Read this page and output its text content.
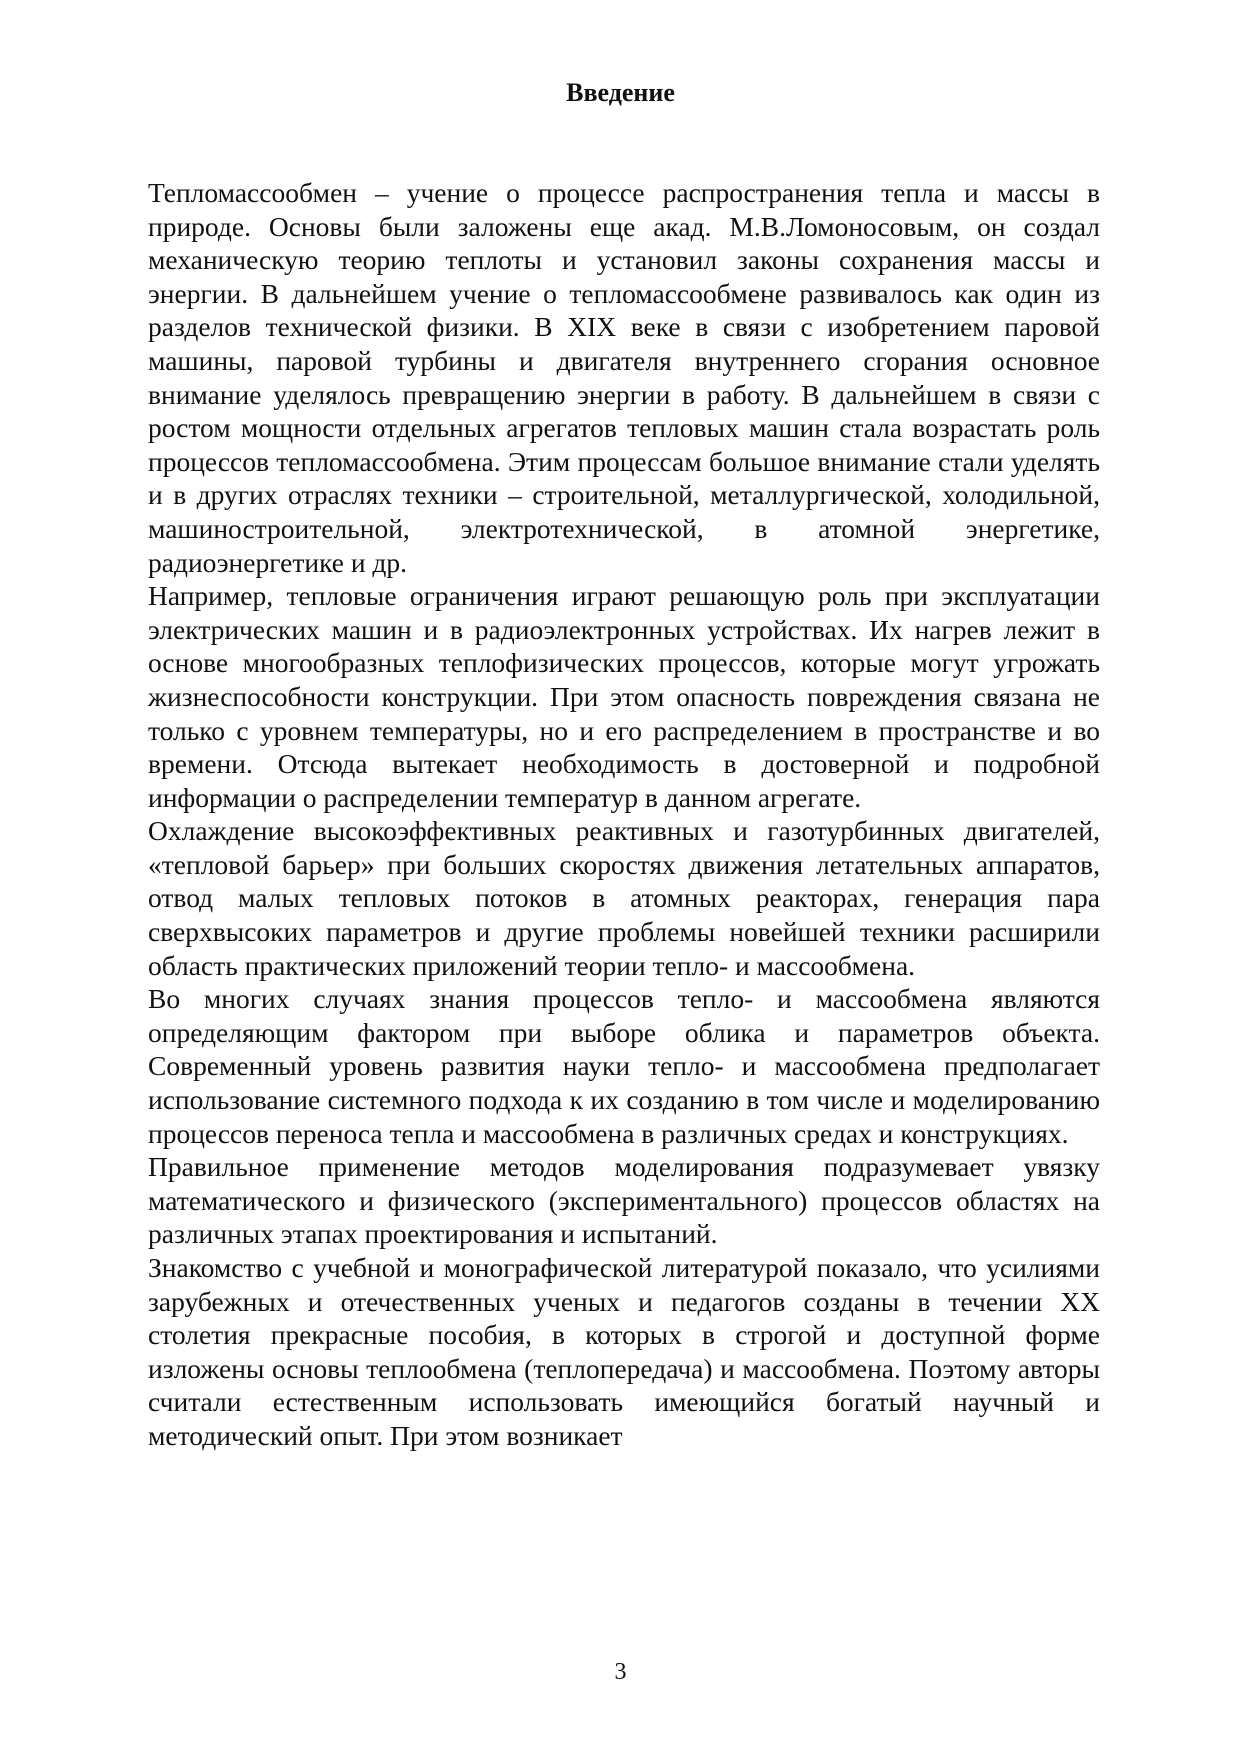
Введение

Тепломассообмен – учение о процессе распространения тепла и массы в природе. Основы были заложены еще акад. М.В.Ломоносовым, он создал механическую теорию теплоты и установил законы сохранения массы и энергии. В дальнейшем учение о тепломассообмене развивалось как один из разделов технической физики. В XIX веке в связи с изобретением паровой машины, паровой турбины и двигателя внутреннего сгорания основное внимание уделялось превращению энергии в работу. В дальнейшем в связи с ростом мощности отдельных агрегатов тепловых машин стала возрастать роль процессов тепломассообмена. Этим процессам большое внимание стали уделять и в других отраслях техники – строительной, металлургической, холодильной, машиностроительной, электротехнической, в атомной энергетике, радиоэнергетике и др.

Например, тепловые ограничения играют решающую роль при эксплуатации электрических машин и в радиоэлектронных устройствах. Их нагрев лежит в основе многообразных теплофизических процессов, которые могут угрожать жизнеспособности конструкции. При этом опасность повреждения связана не только с уровнем температуры, но и его распределением в пространстве и во времени. Отсюда вытекает необходимость в достоверной и подробной информации о распределении температур в данном агрегате.

Охлаждение высокоэффективных реактивных и газотурбинных двигателей, «тепловой барьер» при больших скоростях движения летательных аппаратов, отвод малых тепловых потоков в атомных реакторах, генерация пара сверхвысоких параметров и другие проблемы новейшей техники расширили область практических приложений теории тепло- и массообмена.

Во многих случаях знания процессов тепло- и массообмена являются определяющим фактором при выборе облика и параметров объекта. Современный уровень развития науки тепло- и массообмена предполагает использование системного подхода к их созданию в том числе и моделированию процессов переноса тепла и массообмена в различных средах и конструкциях.

Правильное применение методов моделирования подразумевает увязку математического и физического (экспериментального) процессов областях на различных этапах проектирования и испытаний.

Знакомство с учебной и монографической литературой показало, что усилиями зарубежных и отечественных ученых и педагогов созданы в течении XX столетия прекрасные пособия, в которых в строгой и доступной форме изложены основы теплообмена (теплопередача) и массообмена. Поэтому авторы считали естественным использовать имеющийся богатый научный и методический опыт. При этом возникает

3
